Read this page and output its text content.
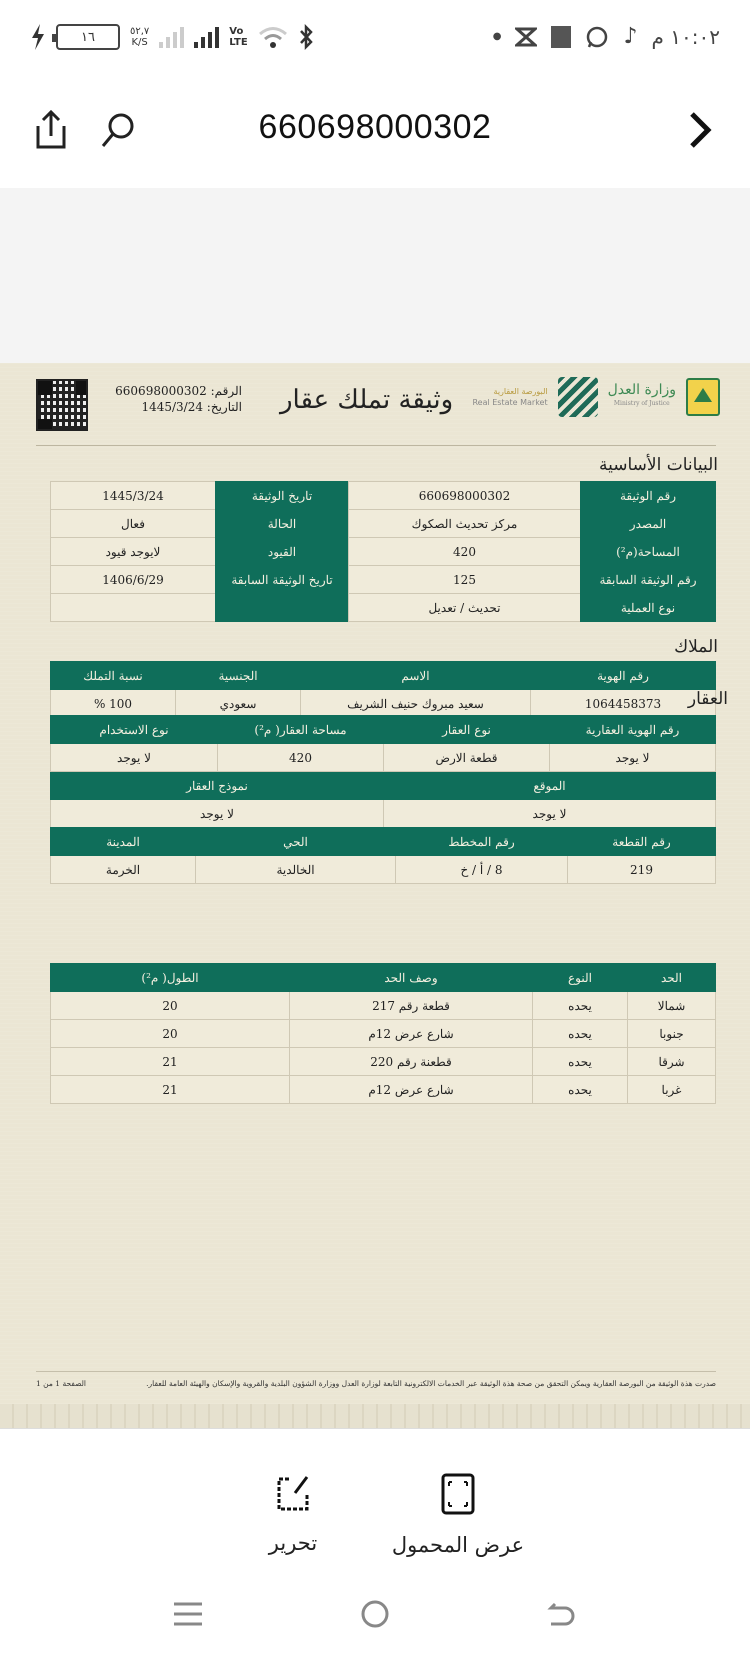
١٦	٥٢,٧
K/S
Vo
LTE
●	♪ ١٠:٠٢ م
660698000302
الرقم: 660698000302
التاريخ: 1445/3/24	وثيقة تملك عقار	البورصة العقارية
Real Estate Market
وزارة العدل
Ministry of Justice
البيانات الأساسية
رقم الوثيقة	660698000302	تاريخ الوثيقة	1445/3/24
المصدر	مركز تحديث الصكوك	الحالة	فعال
المساحة(م²)	420	القيود	لايوجد قيود
رقم الوثيقة السابقة	125	تاريخ الوثيقة السابقة	1406/6/29
نوع العملية	تحديث / تعديل		
الملاك
رقم الهوية	الاسم	الجنسية	نسبة التملك
1064458373	سعيد مبروك حنيف الشريف	سعودي	100 %	العقار
رقم الهوية العقارية	نوع العقار	مساحة العقار( م²)	نوع الاستخدام
لا يوجد	قطعة الارض	420	لا يوجد
الموقع		نموذج العقار	
لا يوجد		لا يوجد	
رقم القطعة	رقم المخطط	الحي	المدينة
219	8 / أ / خ	الخالدية	الخرمة
الحد	النوع	وصف الحد	الطول( م²)
شمالا	يحده	قطعة رقم 217	20
جنوبا	يحده	شارع عرض 12م	20
شرقا	يحده	قطعنة رقم 220	21
غربا	يحده	شارع عرض 12م	21
صدرت هذة الوثيقة من البورصة العقارية ويمكن التحقق من صحة هذة الوثيقة عبر الخدمات الالكترونية التابعة لوزارة العدل ووزارة الشؤون البلدية والقروية والإسكان والهيئة العامة للعقار.
الصفحة 1 من 1
عرض المحمول
تحرير
